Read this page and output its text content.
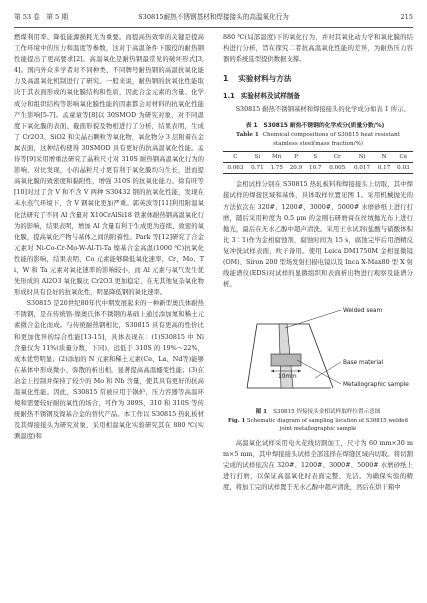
第 53 卷　第 5 期	S30815耐热不锈钢基材和焊接接头的高温氧化行为	215

燃煤利用率、降低能源损耗尤为重要。而提高热效率的关键是提高工作环境中的压力和温度等参数，这对于高温条件下服役的耐热钢性能提出了更高要求[2]。高温氧化是耐热钢最常见的破坏形式[3,4]。国内外众多学者对不同种类、不同牌号耐热钢的高温抗氧化能力及高温氧化机制进行了研究。一般来说，耐热钢的抗氧化性能取决于其表面形成的氧化膜结构和性质，因此合金元素的含量、化学成分和组织结构等影响氧化膜性能的因素都会对材料的抗氧化性能产生影响[5-7]。孟童童等[8]以 30SMOD 为研究对象，对不同温度下氧化膜的表面、截面形貌及物相进行了分析，结果表明，生成了 Cr2O3、SiO2 和尖晶石颗粒等氧化物，氧化物分 3 层附着在金属表面，这种结构使得 30SMOD 具有更好的抗高温氧化性能。孟侍等[9]采用增重法研究了晶粒尺寸对 310S 耐热钢高温氧化行为的影响，对比发现，小的晶粒尺寸更有利于氧化膜均匀生长，进而提高氧化膜的致密度和黏附性，增强 310S 的抗氧化能力。徐有旺等[10]对过了含 V 和不含 V 两种 S30432 钢的抗氧化性能，发现在未水蒸气环境下，含 V 钢氧化更加严重。郭英波等[11]利用附温氧化法研究了不同 Al 含量对 X10CrAlSi18 铁素体耐热钢高温氧化行为的影响，结果表明，增加 Al 含量有利于生成更为连续、致密的氧化膜，提高氧化产物与基体之间的附着性。Park 等[12]研究了合金元素对 Ni-Co-Cr-Mo-W-Al-Ti-Ta 镍基合金高温(1000 ℃)抗氧化性能的影响，结果表明，Co 元素能够降低氧化速率，Cr、Mo、Ti、W 和 Ta 元素对氧化速率的影响较小，而 Al 元素与氧气发生优先形成的 Al2O3 氧化膜比 Cr2O3 更加稳定，在无其他复杂氧化物形成时具有良好的抗氧化性，明显降低钢的氧化速率。

S30815 是20世纪80年代中期发展起来的一种新型奥氏体耐热不锈钢，是在传统铬-镍奥氏体不锈钢的基础上通过添加氮和稀土元素微合金化而成。与传统耐热钢相比，S30815 具有更高的性价比和更加优异的综合性能[13-15]，具体表现在：(1)S30815 中 Ni 含量仅为 11%(质量分数，下同)，远低于 310S 的 19%～22%，成本优势明显；(2)添加的 N 元素和稀土元素(Ce、La、Nd等)能够在基体中形成微小、弥散的析出相，显著提高高温蠕变性能；(3)在冶金上控制并保持了较少的 Mo 和 Nb 含量，使其具有更好的抗高温氧化性能。因此，S30815 常被应用于锅炉、压力容器等高温环境和需要较好耐抗氧性的场合，可作为 309S、310 和 310S 等传统耐热不锈钢及镍基合金的替代产品。本工作以 S30815 热轧板材及其焊接接头为研究对象，采用相温氧化实验研究其在 880 ℃(实测温度)和

880 ℃(局部温度)下的氧化行为，并对其氧化动力学和氧化膜的结构进行分析，旨在探究二者抗高温氧化性能的差异，为耐热压力容器的系统选型提供数据支撑。

1 实验材料与方法
1.1 实验材料及试样制备

S30815 耐热不锈钢基材和焊接接头的化学成分如表 1 所示。

表 1 S30815 耐热不锈钢的化学成分(质量分数/%)
Table 1 Chemical compositions of S30815 heat resistant stainless steel(mass fraction/%)
C	Si	Mn	P	S	Cr	Ni	N	Ce
0.063	0.71	1.75	20.9	10.7	0.005	0.017	0.17	0.03

金相试样分别在 S30815 热轧板料和焊接接头上切取，其中焊接试样的焊接区域和基体，具体取样位置见图 1。采用机械抛光的方法依次在 320#、1200#、3000#、5000# 水磨砂纸上进行打磨，随后采用粒度为 0.5 μm 的金刚石研磨膏在丝绒抛光布上进行抛光，最后在无水乙醇中超声清洗。采用王水试剂(盐酸与硝酸体积比 3∶1)作为金相腐蚀剂，腐蚀时间为 15 s，腐蚀完毕后用酒精反复冲洗试样表面，吹干备用。使用 Leica DM1750M 金相显微镜(OM)、Siron 200 型场发射扫描电镜以及 Inca X-Max80 型 X 射线能谱仪(EDS)对试样的显微组织和表面析出物进行观察及能谱分析。

10mm
Welded seam
Base material
Metallographic sample
图 1 S30815 焊接接头金相试样取样位置示意图
Fig. 1 Schematic diagram of sampling location of S30815 welded joint metallographic sample

高温氧化试样采用电火花线切割加工，尺寸为 60 mm×30 mm×5 mm，其中焊接接头试样全部选择在焊缝区域内切取。将切割完成的试样依次在 320#、1200#、3000#、5000# 水磨砂纸上进行打磨，以保证高温氧化时表面完整、光洁。为确保实验的精度，将加工完的试样置于无水乙醇中超声清洗，然后在烘干箱中
